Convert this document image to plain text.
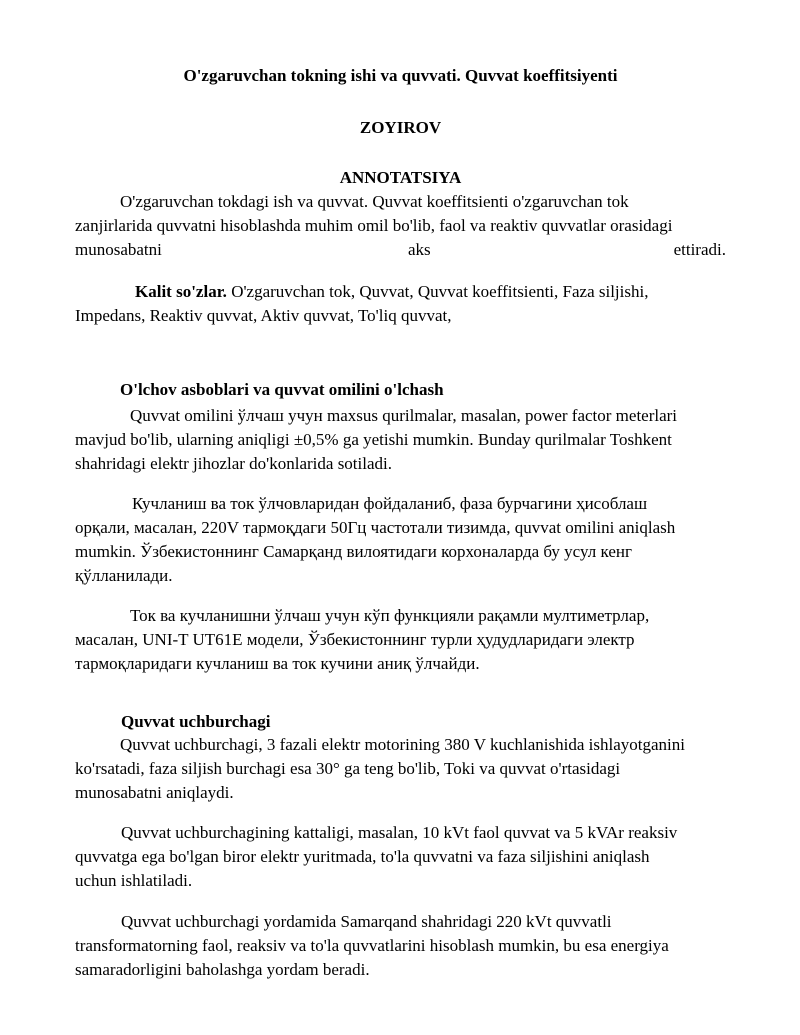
O'zgaruvchan tokning ishi va quvvati. Quvvat koeffitsiyenti
ZOYIROV
ANNOTATSIYA
O'zgaruvchan tokdagi ish va quvvat. Quvvat koeffitsienti o'zgaruvchan tok
zanjirlarida quvvatni hisoblashda muhim omil bo'lib, faol va reaktiv quvvatlar orasidagi
munosabatni	aks	ettiradi.
Kalit so'zlar. O'zgaruvchan tok, Quvvat, Quvvat koeffitsienti, Faza siljishi,
Impedans, Reaktiv quvvat, Aktiv quvvat, To'liq quvvat,
O'lchov asboblari va quvvat omilini o'lchash
Quvvat omilini ўлчаш учун maxsus qurilmalar, masalan, power factor meterlari
mavjud bo'lib, ularning aniqligi ±0,5% ga yetishi mumkin. Bunday qurilmalar Toshkent
shahridagi elektr jihozlar do'konlarida sotiladi.
Кучланиш ва ток ўлчовларидан фойдаланиб, фаза бурчагини ҳисоблаш
орқали, масалан, 220V тармоқдаги 50Гц частотали тизимда, quvvat omilini aniqlash
mumkin. Ўзбекистоннинг Самарқанд вилоятидаги корхоналарда бу усул кенг
қўлланилади.
Ток ва кучланишни ўлчаш учун кўп функцияли рақамли мултиметрлар,
масалан, UNI-T UT61E модели, Ўзбекистоннинг турли ҳудудларидаги электр
тармоқларидаги кучланиш ва ток кучини аниқ ўлчайди.
Quvvat uchburchagi
Quvvat uchburchagi, 3 fazali elektr motorining 380 V kuchlanishida ishlayotganini
ko'rsatadi, faza siljish burchagi esa 30° ga teng bo'lib, Toki va quvvat o'rtasidagi
munosabatni aniqlaydi.
Quvvat uchburchagining kattaligi, masalan, 10 kVt faol quvvat va 5 kVAr reaksiv
quvvatga ega bo'lgan biror elektr yuritmada, to'la quvvatni va faza siljishini aniqlash
uchun ishlatiladi.
Quvvat uchburchagi yordamida Samarqand shahridagi 220 kVt quvvatli
transformatorning faol, reaksiv va to'la quvvatlarini hisoblash mumkin, bu esa energiya
samaradorligini baholashga yordam beradi.
